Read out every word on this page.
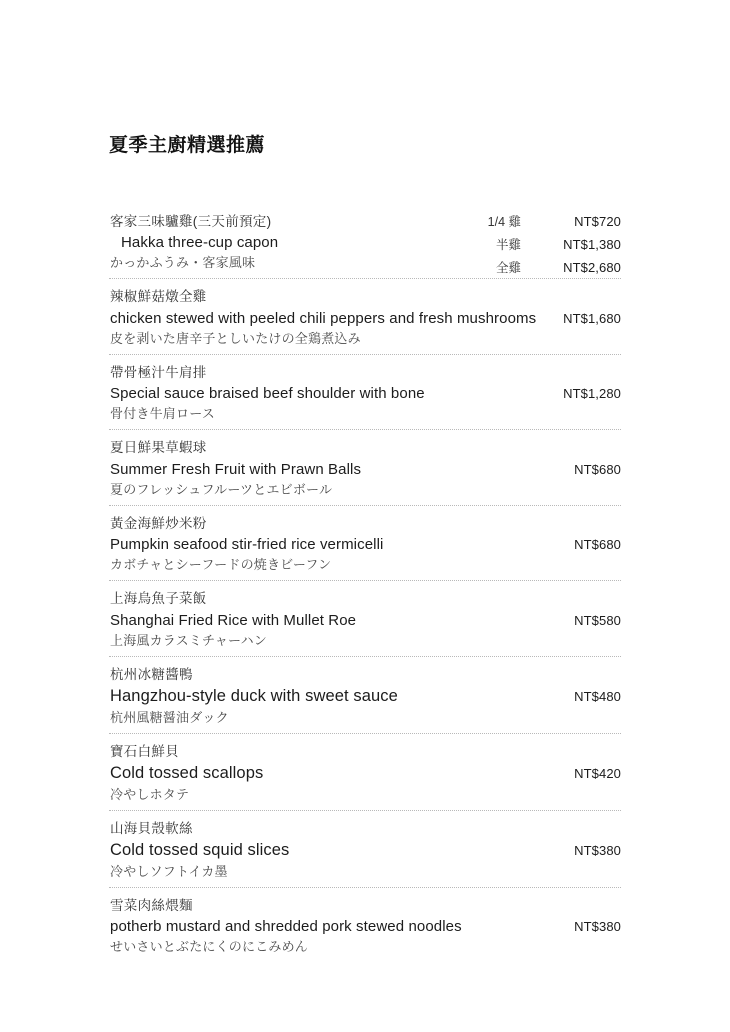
夏季主廚精選推薦
客家三味驢雞(三天前預定)
Hakka three-cup capon
かっかふうみ・客家風味
1/4 雞	NT$720
半雞	NT$1,380
全雞	NT$2,680
辣椒鮮菇燉全雞
chicken stewed with peeled chili peppers and fresh mushrooms
皮を剥いた唐辛子としいたけの全鶏煮込み
NT$1,680
帶骨極汁牛肩排
Special sauce braised beef shoulder with bone
骨付き牛肩ロース
NT$1,280
夏日鮮果草蝦球
Summer Fresh Fruit with Prawn Balls
夏のフレッシュフルーツとエビボール
NT$680
黃金海鮮炒米粉
Pumpkin seafood stir-fried rice vermicelli
カボチャとシーフードの焼きビーフン
NT$680
上海烏魚子菜飯
Shanghai Fried Rice with Mullet Roe
上海風カラスミチャーハン
NT$580
杭州冰糖醬鴨
Hangzhou-style duck with sweet sauce
杭州風糖醤油ダック
NT$480
寶石白鮮貝
Cold tossed scallops
冷やしホタテ
NT$420
山海貝殼軟絲
Cold tossed squid slices
冷やしソフトイカ墨
NT$380
雪菜肉絲煨麵
potherb mustard and shredded pork stewed noodles
せいさいとぶたにくのにこみめん
NT$380
